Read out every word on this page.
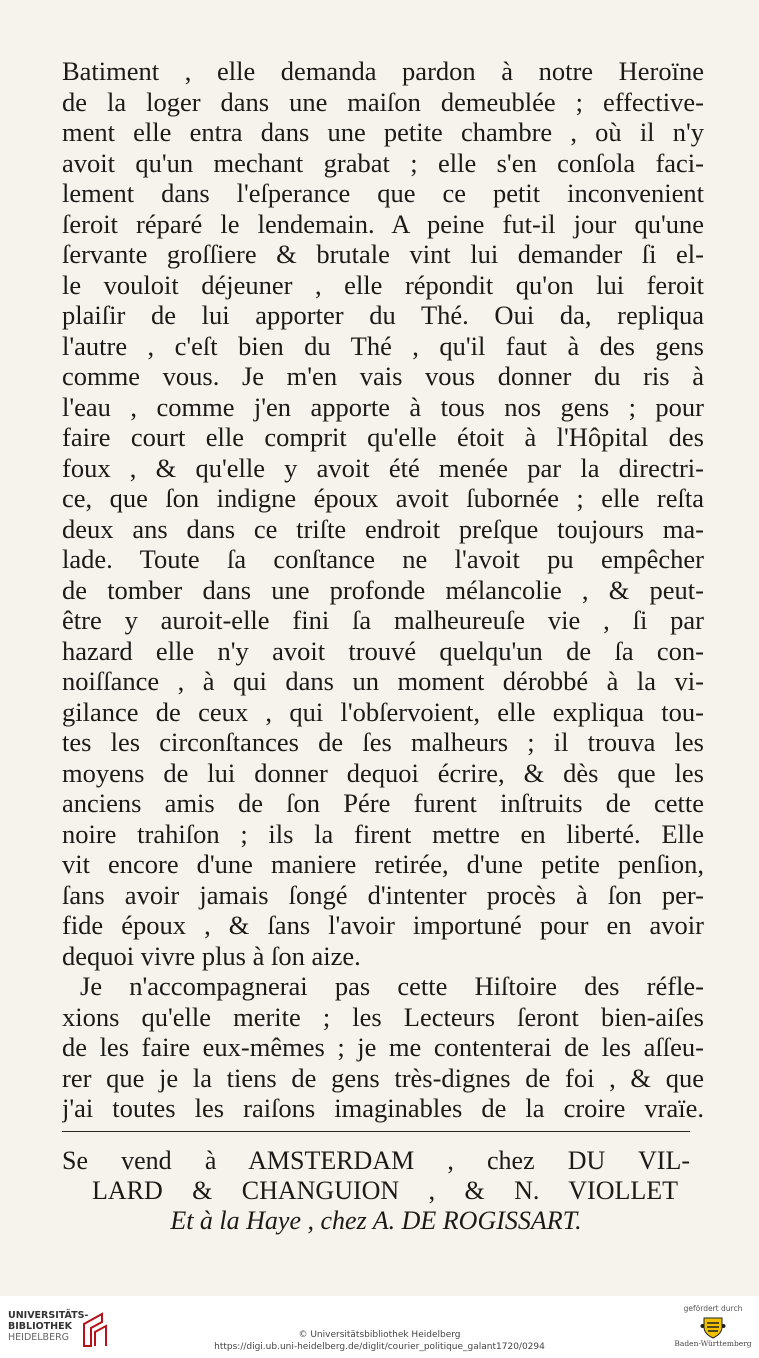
Batiment , elle demanda pardon à notre Heroïne
de la loger dans une maiſon demeublée ; effective-
ment elle entra dans une petite chambre , où il n'y
avoit qu'un mechant grabat ; elle s'en conſola faci-
lement dans l'eſperance que ce petit inconvenient
ſeroit réparé le lendemain. A peine fut-il jour qu'une
ſervante groſſiere & brutale vint lui demander ſi el-
le vouloit déjeuner , elle répondit qu'on lui feroit
plaiſir de lui apporter du Thé. Oui da, repliqua
l'autre , c'eſt bien du Thé , qu'il faut à des gens
comme vous. Je m'en vais vous donner du ris à
l'eau , comme j'en apporte à tous nos gens ; pour
faire court elle comprit qu'elle étoit à l'Hôpital des
foux , & qu'elle y avoit été menée par la directri-
ce, que ſon indigne époux avoit ſubornée ; elle reſta
deux ans dans ce triſte endroit preſque toujours ma-
lade. Toute ſa conſtance ne l'avoit pu empêcher
de tomber dans une profonde mélancolie , & peut-
être y auroit-elle fini ſa malheureuſe vie , ſi par
hazard elle n'y avoit trouvé quelqu'un de ſa con-
noiſſance , à qui dans un moment dérobbé à la vi-
gilance de ceux , qui l'obſervoient, elle expliqua tou-
tes les circonſtances de ſes malheurs ; il trouva les
moyens de lui donner dequoi écrire, & dès que les
anciens amis de ſon Pére furent inſtruits de cette
noire trahiſon ; ils la firent mettre en liberté. Elle
vit encore d'une maniere retirée, d'une petite penſion,
ſans avoir jamais ſongé d'intenter procès à ſon per-
fide époux , & ſans l'avoir importuné pour en avoir
dequoi vivre plus à ſon aize.
Je n'accompagnerai pas cette Hiſtoire des réfle-
xions qu'elle merite ; les Lecteurs ſeront bien-aiſes
de les faire eux-mêmes ; je me contenterai de les aſſeu-
rer que je la tiens de gens très-dignes de foi , & que
j'ai toutes les raiſons imaginables de la croire vraïe.
Se vend à AMSTERDAM , chez DU VIL-
LARD & CHANGUION , & N. VIOLLET
Et à la Haye , chez A. DE ROGISSART.
UNIVERSITÄTS-
BIBLIOTHEK
HEIDELBERG	© Universitätsbibliothek Heidelberg
https://digi.ub.uni-heidelberg.de/diglit/courier_politique_galant1720/0294
gefördert durch
Baden-Württemberg
